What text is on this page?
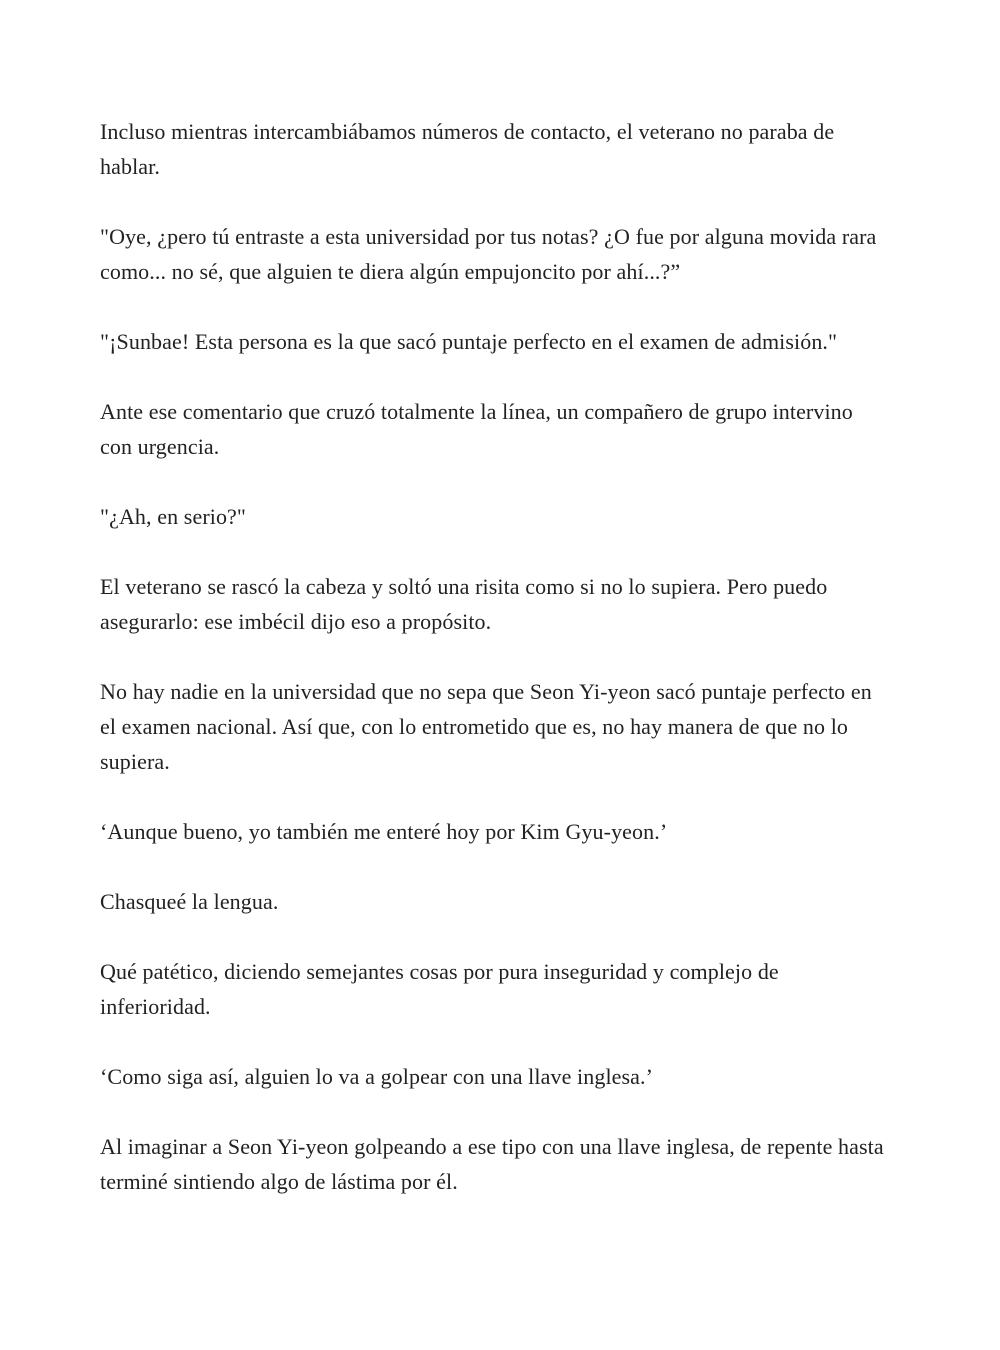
Incluso mientras intercambiábamos números de contacto, el veterano no paraba de hablar.

"Oye, ¿pero tú entraste a esta universidad por tus notas? ¿O fue por alguna movida rara como... no sé, que alguien te diera algún empujoncito por ahí...?”

"¡Sunbae! Esta persona es la que sacó puntaje perfecto en el examen de admisión."

Ante ese comentario que cruzó totalmente la línea, un compañero de grupo intervino con urgencia.

"¿Ah, en serio?"

El veterano se rascó la cabeza y soltó una risita como si no lo supiera. Pero puedo asegurarlo: ese imbécil dijo eso a propósito.

No hay nadie en la universidad que no sepa que Seon Yi-yeon sacó puntaje perfecto en el examen nacional. Así que, con lo entrometido que es, no hay manera de que no lo supiera.

‘Aunque bueno, yo también me enteré hoy por Kim Gyu-yeon.’

Chasqueé la lengua.

Qué patético, diciendo semejantes cosas por pura inseguridad y complejo de inferioridad.

‘Como siga así, alguien lo va a golpear con una llave inglesa.’

Al imaginar a Seon Yi-yeon golpeando a ese tipo con una llave inglesa, de repente hasta terminé sintiendo algo de lástima por él.
